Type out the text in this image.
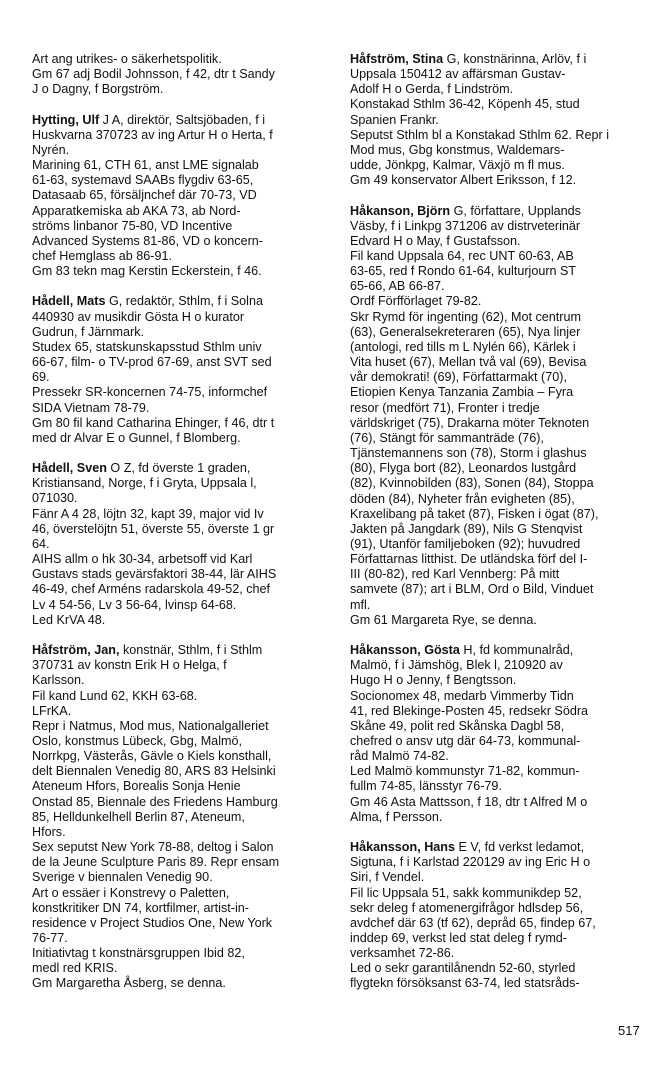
Art ang utrikes- o säkerhetspolitik.
Gm 67 adj Bodil Johnsson, f 42, dtr t Sandy
J o Dagny, f Borgström.
Hytting, Ulf J A, direktör, Saltsjöbaden, f i
Huskvarna 370723 av ing Artur H o Herta, f
Nyrén.
Marining 61, CTH 61, anst LME signalab
61-63, systemavd SAABs flygdiv 63-65,
Datasaab 65, försäljnchef där 70-73, VD
Apparatkemiska ab AKA 73, ab Nord-
ströms linbanor 75-80, VD Incentive
Advanced Systems 81-86, VD o koncern-
chef Hemglass ab 86-91.
Gm 83 tekn mag Kerstin Eckerstein, f 46.
Hådell, Mats G, redaktör, Sthlm, f i Solna
440930 av musikdir Gösta H o kurator
Gudrun, f Järnmark.
Studex 65, statskunskapsstud Sthlm univ
66-67, film- o TV-prod 67-69, anst SVT sed
69.
Pressekr SR-koncernen 74-75, informchef
SIDA Vietnam 78-79.
Gm 80 fil kand Catharina Ehinger, f 46, dtr t
med dr Alvar E o Gunnel, f Blomberg.
Hådell, Sven O Z, fd överste 1 graden,
Kristiansand, Norge, f i Gryta, Uppsala l,
071030.
Fänr A 4 28, löjtn 32, kapt 39, major vid Iv
46, överstelöjtn 51, överste 55, överste 1 gr
64.
AIHS allm o hk 30-34, arbetsoff vid Karl
Gustavs stads gevärsfaktori 38-44, lär AIHS
46-49, chef Arméns radarskola 49-52, chef
Lv 4 54-56, Lv 3 56-64, lvinsp 64-68.
Led KrVA 48.
Håfström, Jan, konstnär, Sthlm, f i Sthlm
370731 av konstn Erik H o Helga, f
Karlsson.
Fil kand Lund 62, KKH 63-68.
LFrKA.
Repr i Natmus, Mod mus, Nationalgalleriet
Oslo, konstmus Lübeck, Gbg, Malmö,
Norrkpg, Västerås, Gävle o Kiels konsthall,
delt Biennalen Venedig 80, ARS 83 Helsinki
Ateneum Hfors, Borealis Sonja Henie
Onstad 85, Biennale des Friedens Hamburg
85, Helldunkelhell Berlin 87, Ateneum,
Hfors.
Sex seputst New York 78-88, deltog i Salon
de la Jeune Sculpture Paris 89. Repr ensam
Sverige v biennalen Venedig 90.
Art o essäer i Konstrevy o Paletten,
konstkritiker DN 74, kortfilmer, artist-in-
residence v Project Studios One, New York
76-77.
Initiativtag t konstnärsgruppen Ibid 82,
medl red KRIS.
Gm Margaretha Åsberg, se denna.
Håfström, Stina G, konstnärinna, Arlöv, f i
Uppsala 150412 av affärsman Gustav-
Adolf H o Gerda, f Lindström.
Konstakad Sthlm 36-42, Köpenh 45, stud
Spanien Frankr.
Seputst Sthlm bl a Konstakad Sthlm 62. Repr i
Mod mus, Gbg konstmus, Waldemars-
udde, Jönkpg, Kalmar, Växjö m fl mus.
Gm 49 konservator Albert Eriksson, f 12.
Håkanson, Björn G, författare, Upplands
Väsby, f i Linkpg 371206 av distrveterinär
Edvard H o May, f Gustafsson.
Fil kand Uppsala 64, rec UNT 60-63, AB
63-65, red f Rondo 61-64, kulturjourn ST
65-66, AB 66-87.
Ordf Förfförlaget 79-82.
Skr Rymd för ingenting (62), Mot centrum
(63), Generalsekreteraren (65), Nya linjer
(antologi, red tills m L Nylén 66), Kärlek i
Vita huset (67), Mellan två val (69), Bevisa
vår demokrati! (69), Författarmakt (70),
Etiopien Kenya Tanzania Zambia – Fyra
resor (medfört 71), Fronter i tredje
världskriget (75), Drakarna möter Teknoten
(76), Stängt för sammanträde (76),
Tjänstemannens son (78), Storm i glashus
(80), Flyga bort (82), Leonardos lustgård
(82), Kvinnobilden (83), Sonen (84), Stoppa
döden (84), Nyheter från evigheten (85),
Kraxelibang på taket (87), Fisken i ögat (87),
Jakten på Jangdark (89), Nils G Stenqvist
(91), Utanför familjeboken (92); huvudred
Författarnas litthist. De utländska förf del I-
III (80-82), red Karl Vennberg: På mitt
samvete (87); art i BLM, Ord o Bild, Vinduet
mfl.
Gm 61 Margareta Rye, se denna.
Håkansson, Gösta H, fd kommunalråd,
Malmö, f i Jämshög, Blek l, 210920 av
Hugo H o Jenny, f Bengtsson.
Socionomex 48, medarb Vimmerby Tidn
41, red Blekinge-Posten 45, redsekr Södra
Skåne 49, polit red Skånska Dagbl 58,
chefred o ansv utg där 64-73, kommunal-
råd Malmö 74-82.
Led Malmö kommunstyr 71-82, kommun-
fullm 74-85, länsstyr 76-79.
Gm 46 Asta Mattsson, f 18, dtr t Alfred M o
Alma, f Persson.
Håkansson, Hans E V, fd verkst ledamot,
Sigtuna, f i Karlstad 220129 av ing Eric H o
Siri, f Vendel.
Fil lic Uppsala 51, sakk kommunikdep 52,
sekr deleg f atomenergifrågor hdlsdep 56,
avdchef där 63 (tf 62), depråd 65, findep 67,
inddep 69, verkst led stat deleg f rymd-
verksamhet 72-86.
Led o sekr garantilånendn 52-60, styrled
flygtekn försöksanst 63-74, led statsråds-
517
